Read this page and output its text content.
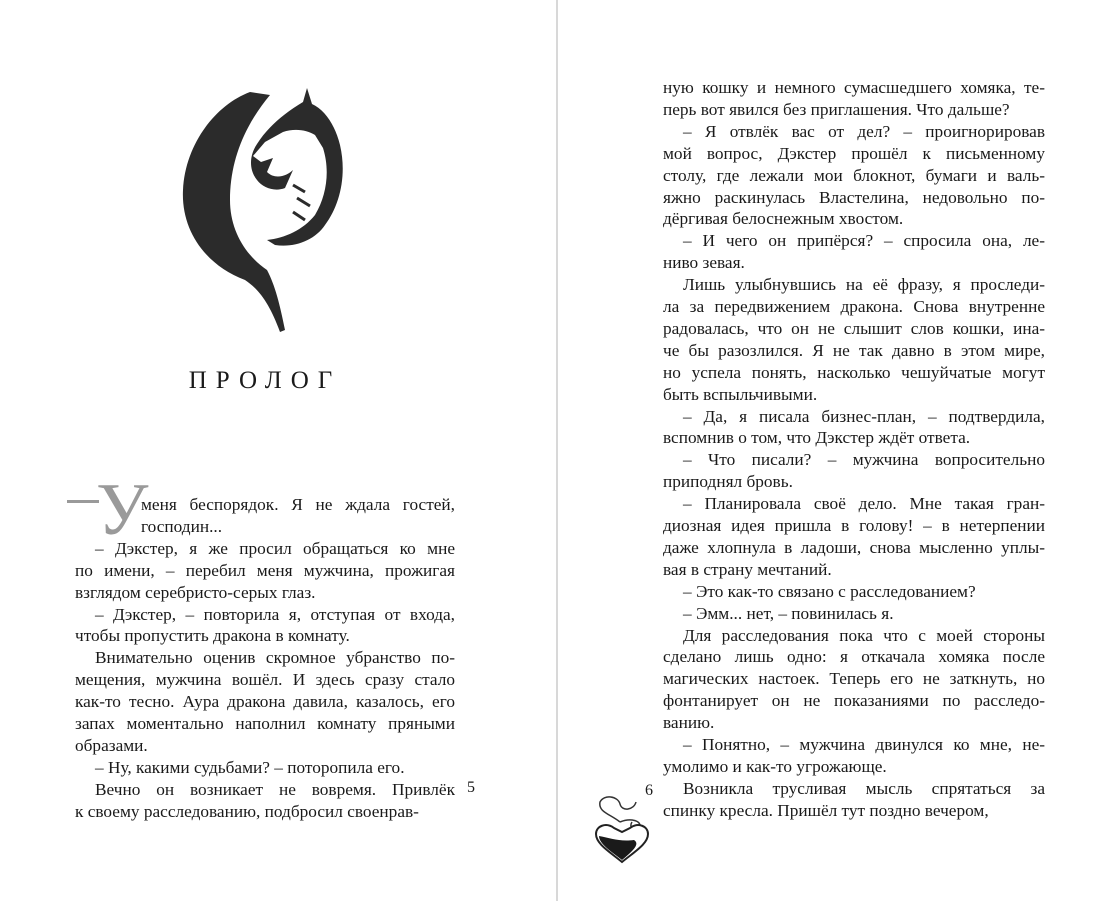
ПРОЛОГ
У
меня беспорядок. Я не ждала гостей,
господин...
– Дэкстер, я же просил обращаться ко мне
по имени, – перебил меня мужчина, прожигая
взглядом серебристо-серых глаз.
– Дэкстер, – повторила я, отступая от входа,
чтобы пропустить дракона в комнату.
Внимательно оценив скромное убранство по-
мещения, мужчина вошёл. И здесь сразу стало
как-то тесно. Аура дракона давила, казалось, его
запах моментально наполнил комнату пряными
образами.
– Ну, какими судьбами? – поторопила его.
Вечно он возникает не вовремя. Привлёк
к своему расследованию, подбросил своенрав-
5
ную кошку и немного сумасшедшего хомяка, те-
перь вот явился без приглашения. Что дальше?
– Я отвлёк вас от дел? – проигнорировав
мой вопрос, Дэкстер прошёл к письменному
столу, где лежали мои блокнот, бумаги и валь-
яжно раскинулась Властелина, недовольно по-
дёргивая белоснежным хвостом.
– И чего он припёрся? – спросила она, ле-
ниво зевая.
Лишь улыбнувшись на её фразу, я проследи-
ла за передвижением дракона. Снова внутренне
радовалась, что он не слышит слов кошки, ина-
че бы разозлился. Я не так давно в этом мире,
но успела понять, насколько чешуйчатые могут
быть вспыльчивыми.
– Да, я писала бизнес-план, – подтвердила,
вспомнив о том, что Дэкстер ждёт ответа.
– Что писали? – мужчина вопросительно
приподнял бровь.
– Планировала своё дело. Мне такая гран-
диозная идея пришла в голову! – в нетерпении
даже хлопнула в ладоши, снова мысленно уплы-
вая в страну мечтаний.
– Это как-то связано с расследованием?
– Эмм... нет, – повинилась я.
Для расследования пока что с моей стороны
сделано лишь одно: я откачала хомяка после
магических настоек. Теперь его не заткнуть, но
фонтанирует он не показаниями по расследо-
ванию.
– Понятно, – мужчина двинулся ко мне, не-
умолимо и как-то угрожающе.
Возникла трусливая мысль спрятаться за
спинку кресла. Пришёл тут поздно вечером,
6
